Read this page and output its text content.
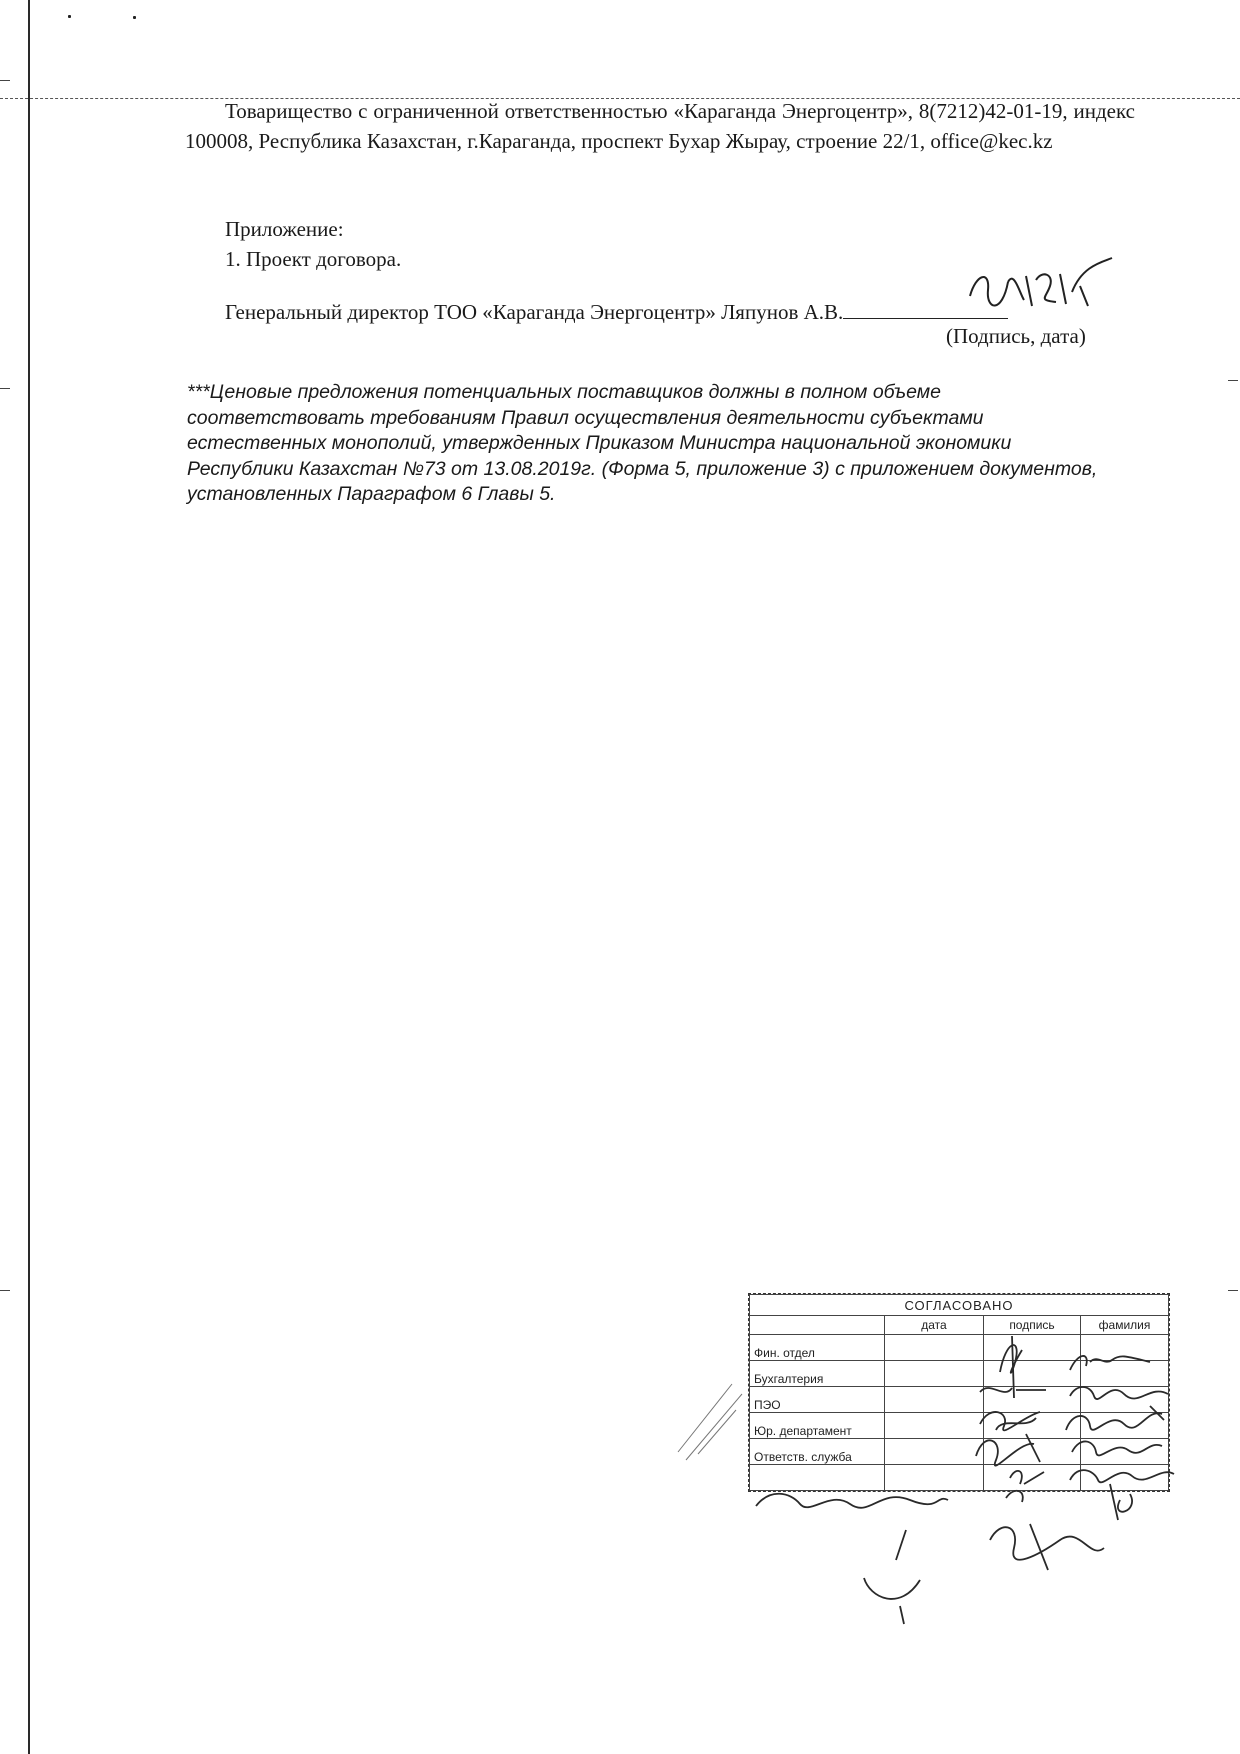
Товарищество с ограниченной ответственностью «Караганда Энергоцентр», 8(7212)42-01-19, индекс 100008, Республика Казахстан, г.Караганда, проспект Бухар Жырау, строение 22/1, office@kec.kz

Приложение:
1. Проект договора.
Генеральный директор ТОО «Караганда Энергоцентр» Ляпунов А.В.
(Подпись, дата)

***Ценовые предложения потенциальных поставщиков должны в полном объеме соответствовать требованиям Правил осуществления деятельности субъектами естественных монополий, утвержденных Приказом Министра национальной экономики Республики Казахстан №73 от 13.08.2019г. (Форма 5, приложение 3) с приложением документов, установленных Параграфом 6 Главы 5.

СОГЛАСОВАНО			
	дата	подпись	фамилия
Фин. отдел			
Бухгалтерия			
ПЭО			
Юр. департамент			
Ответств. служба			
